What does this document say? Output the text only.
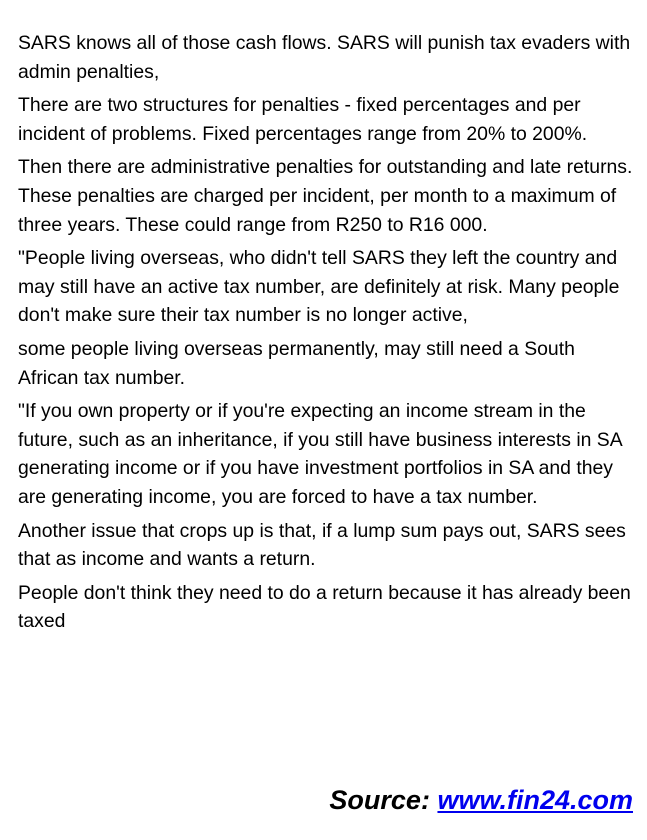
SARS knows all of those cash flows. SARS will punish tax evaders with admin penalties,

There are two structures for penalties - fixed percentages and per incident of problems. Fixed percentages range from 20% to 200%.

Then there are administrative penalties for outstanding and late returns. These penalties are charged per incident, per month to a maximum of three years. These could range from R250 to R16 000.

"People living overseas, who didn't tell SARS they left the country and may still have an active tax number, are definitely at risk. Many people don't make sure their tax number is no longer active,

some people living overseas permanently, may still need a South African tax number.

"If you own property or if you're expecting an income stream in the future, such as an inheritance, if you still have business interests in SA generating income or if you have investment portfolios in SA and they are generating income, you are forced to have a tax number.

Another issue that crops up is that, if a lump sum pays out, SARS sees that as income and wants a return.

People don't think they need to do a return because it has already been taxed

Source: www.fin24.com
